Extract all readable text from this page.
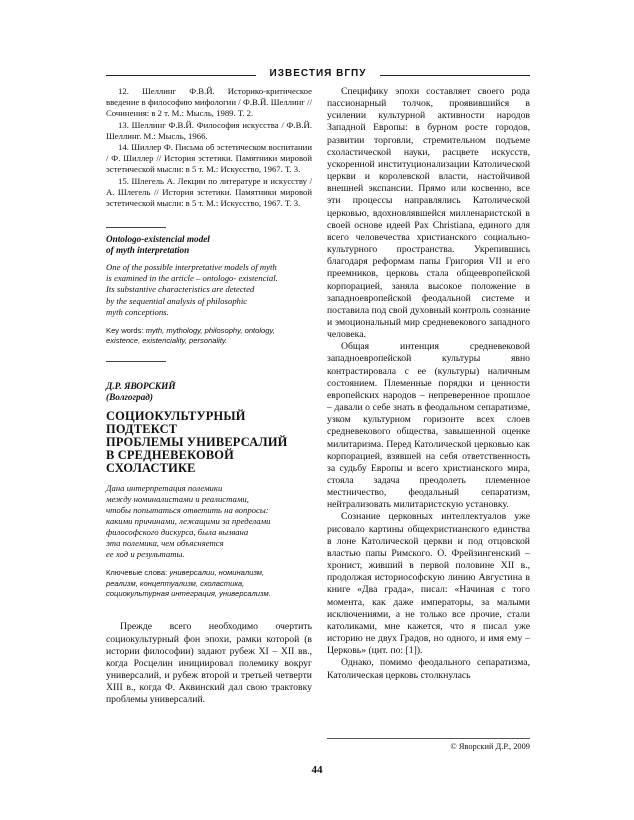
ИЗВЕСТИЯ ВГПУ

12. Шеллинг Ф.В.Й. Историко-критическое введение в философию мифологии / Ф.В.Й. Шеллинг // Сочинения: в 2 т. М.: Мысль, 1989. Т. 2.

13. Шеллинг Ф.В.Й. Философия искусства / Ф.В.Й. Шеллинг. М.: Мысль, 1966.

14. Шиллер Ф. Письма об эстетическом воспитании / Ф. Шиллер // История эстетики. Памятники мировой эстетической мысли: в 5 т. М.: Искусство, 1967. Т. 3.

15. Шлегель А. Лекции по литературе и искусству / А. Шлегель // История эстетики. Памятники мировой эстетической мысли: в 5 т. М.: Искусство, 1967. Т. 3.

Ontologo-existencial model
of myth interpretation
One of the possible interpretative models of myth
is examined in the article – ontologo- existencial.
Its substantive characteristics are detected
by the sequential analysis of philosophic
myth conceptions.
Key words: myth, mythology, philosophy, ontology,
existence, existenciality, personality.
Д.Р. ЯВОРСКИЙ
(Волгоград)
СОЦИОКУЛЬТУРНЫЙ ПОДТЕКСТ
ПРОБЛЕМЫ УНИВЕРСАЛИЙ
В СРЕДНЕВЕКОВОЙ СХОЛАСТИКЕ
Дана интерпретация полемики
между номиналистами и реалистами,
чтобы попытаться ответить на вопросы:
какими причинами, лежащими за пределами
философского дискурса, была вызвана
эта полемика, чем объясняется
ее ход и результаты.
Ключевые слова: универсалии, номинализм,
реализм, концептуализм, схоластика,
социокультурная интеграция, универсализм.

Прежде всего необходимо очертить социокультурный фон эпохи, рамки которой (в истории философии) задают рубеж XI – XII вв., когда Росцелин инициировал полемику вокруг универсалий, и рубеж второй и третьей четверти XIII в., когда Ф. Аквинский дал свою трактовку проблемы универсалий.

Специфику эпохи составляет своего рода пассионарный толчок, проявившийся в усилении культурной активности народов Западной Европы: в бурном росте городов, развитии торговли, стремительном подъеме схоластической науки, расцвете искусств, ускоренной институционализации Католической церкви и королевской власти, настойчивой внешней экспансии. Прямо или косвенно, все эти процессы направлялись Католической церковью, вдохновлявшейся милленаристской в своей основе идеей Pax Christiana, единого для всего человечества христианского социально-культурного пространства. Укрепившись благодаря реформам папы Григория VII и его преемников, церковь стала общеевропейской корпорацией, заняла высокое положение в западноевропейской феодальной системе и поставила под свой духовный контроль сознание и эмоциональный мир средневекового западного человека.

Общая интенция средневековой западноевропейской культуры явно контрастировала с ее (культуры) наличным состоянием. Племенные порядки и ценности европейских народов – непреверенное прошлое – давали о себе знать в феодальном сепаратизме, узком культурном горизонте всех слоев средневекового общества, завышенной оценке милитаризма. Перед Католической церковью как корпорацией, взявшей на себя ответственность за судьбу Европы и всего христианского мира, стояла задача преодолеть племенное местничество, феодальный сепаратизм, нейтрализовать милитаристскую установку.

Сознание церковных интеллектуалов уже рисовало картины общехристианского единства в лоне Католической церкви и под отцовской властью папы Римского. О. Фрейзингенский – хронист, живший в первой половине XII в., продолжая историософскую линию Августина в книге «Два града», писал: «Начиная с того момента, как даже императоры, за малыми исключениями, а не только все прочие, стали католиками, мне кажется, что я писал уже историю не двух Градов, но одного, и имя ему – Церковь» (цит. по: [1]).

Однако, помимо феодального сепаратизма, Католическая церковь столкнулась

© Яворский Д.Р., 2009
44
